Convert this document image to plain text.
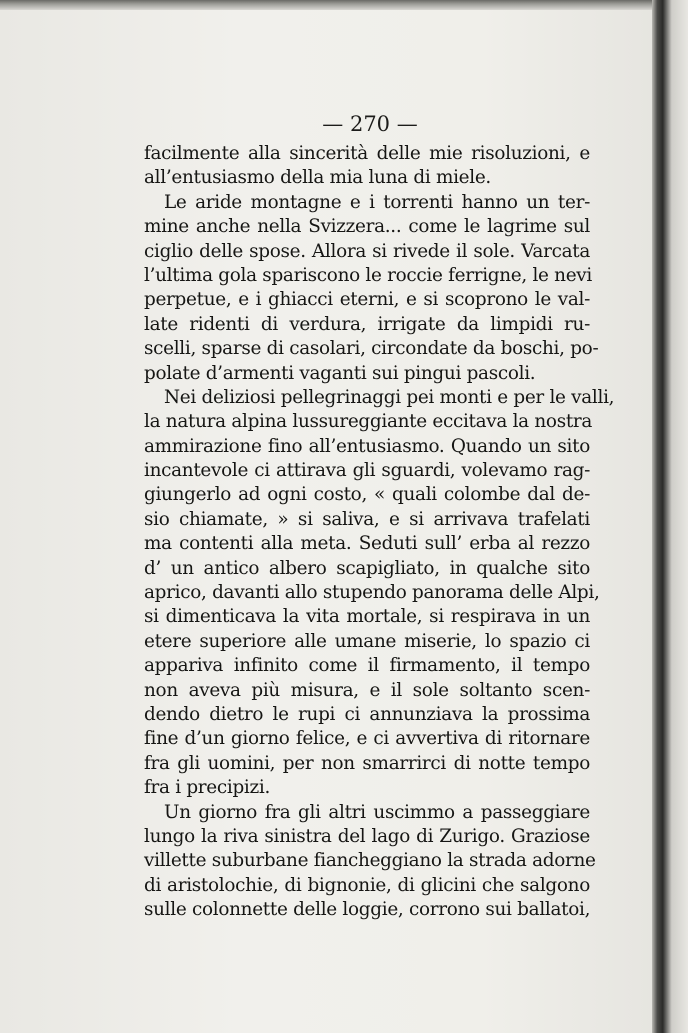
— 270 —
facilmente alla sincerità delle mie risoluzioni, e
all’entusiasmo della mia luna di miele.
Le aride montagne e i torrenti hanno un ter-
mine anche nella Svizzera... come le lagrime sul
ciglio delle spose. Allora si rivede il sole. Varcata
l’ultima gola spariscono le roccie ferrigne, le nevi
perpetue, e i ghiacci eterni, e si scoprono le val-
late ridenti di verdura, irrigate da limpidi ru-
scelli, sparse di casolari, circondate da boschi, po-
polate d’armenti vaganti sui pingui pascoli.
Nei deliziosi pellegrinaggi pei monti e per le valli,
la natura alpina lussureggiante eccitava la nostra
ammirazione fino all’entusiasmo. Quando un sito
incantevole ci attirava gli sguardi, volevamo rag-
giungerlo ad ogni costo, « quali colombe dal de-
sio chiamate, » si saliva, e si arrivava trafelati
ma contenti alla meta. Seduti sull’ erba al rezzo
d’ un antico albero scapigliato, in qualche sito
aprico, davanti allo stupendo panorama delle Alpi,
si dimenticava la vita mortale, si respirava in un
etere superiore alle umane miserie, lo spazio ci
appariva infinito come il firmamento, il tempo
non aveva più misura, e il sole soltanto scen-
dendo dietro le rupi ci annunziava la prossima
fine d’un giorno felice, e ci avvertiva di ritornare
fra gli uomini, per non smarrirci di notte tempo
fra i precipizi.
Un giorno fra gli altri uscimmo a passeggiare
lungo la riva sinistra del lago di Zurigo. Graziose
villette suburbane fiancheggiano la strada adorne
di aristolochie, di bignonie, di glicini che salgono
sulle colonnette delle loggie, corrono sui ballatoi,
